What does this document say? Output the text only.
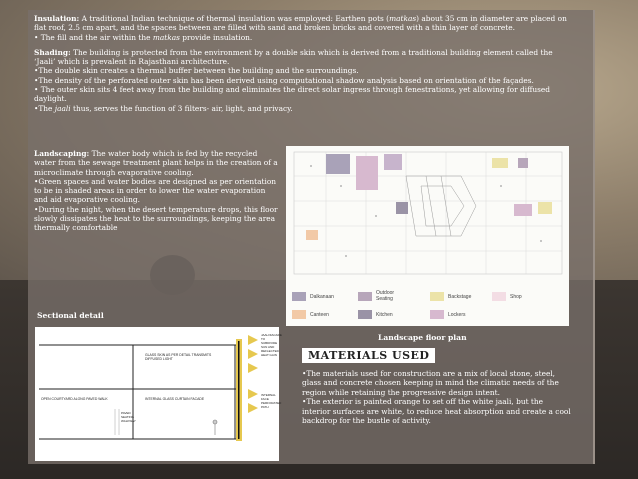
Insulation: A traditional Indian technique of thermal insulation was employed: Earthen pots (matkas) about 35 cm in diameter are placed on flat roof, 2.5 cm apart, and the spaces between are filled with sand and broken bricks and covered with a thin layer of concrete.
• The fill and the air within the matkas provide insulation.

Shading: The building is protected from the environment by a double skin which is derived from a traditional building element called the ‘Jaali’ which is prevalent in Rajasthani architecture.
•The double skin creates a thermal buffer between the building and the surroundings.
•The density of the perforated outer skin has been derived using computational shadow analysis based on orientation of the façades.
• The outer skin sits 4 feet away from the building and eliminates the direct solar ingress through fenestrations, yet allowing for diffused daylight.
•The jaali thus, serves the function of 3 filters- air, light, and privacy.

Landscaping: The water body which is fed by the recycled water from the sewage treatment plant helps in the creation of a microclimate through evaporative cooling.
•Green spaces and water bodies are designed as per orientation to be in shaded areas in order to lower the water evaporation and aid evaporative cooling.
•During the night, when the desert temperature drops, this floor slowly dissipates the heat to the surroundings, keeping the area thermally comfortable
Dalkanaan
Outdoor Seating	Backstage	Shop
Canteen	Kitchen	Lockers
Landscape floor plan
Sectional detail
JAALI/FACADE TO SUBDIVIDE SUN AND REFLECTED HEAT GAIN
GLASS SKIN AS PER DETAIL TRANSMITS DIFFUSED LIGHT
INTERNAL GLASS CURTAIN FACADE
OPEN COURTYARD ALONG PAVED WALK
PAVED SEATING WALKWAY
INTERNAL FACE PERFORATED PATH
MATERIALS USED
•The materials used for construction are a mix of local stone, steel, glass and concrete chosen keeping in mind the climatic needs of the region while retaining the progressive design intent.
•The exterior is painted orange to set off the white jaali, but the interior surfaces are white, to reduce heat absorption and create a cool backdrop for the bustle of activity.
